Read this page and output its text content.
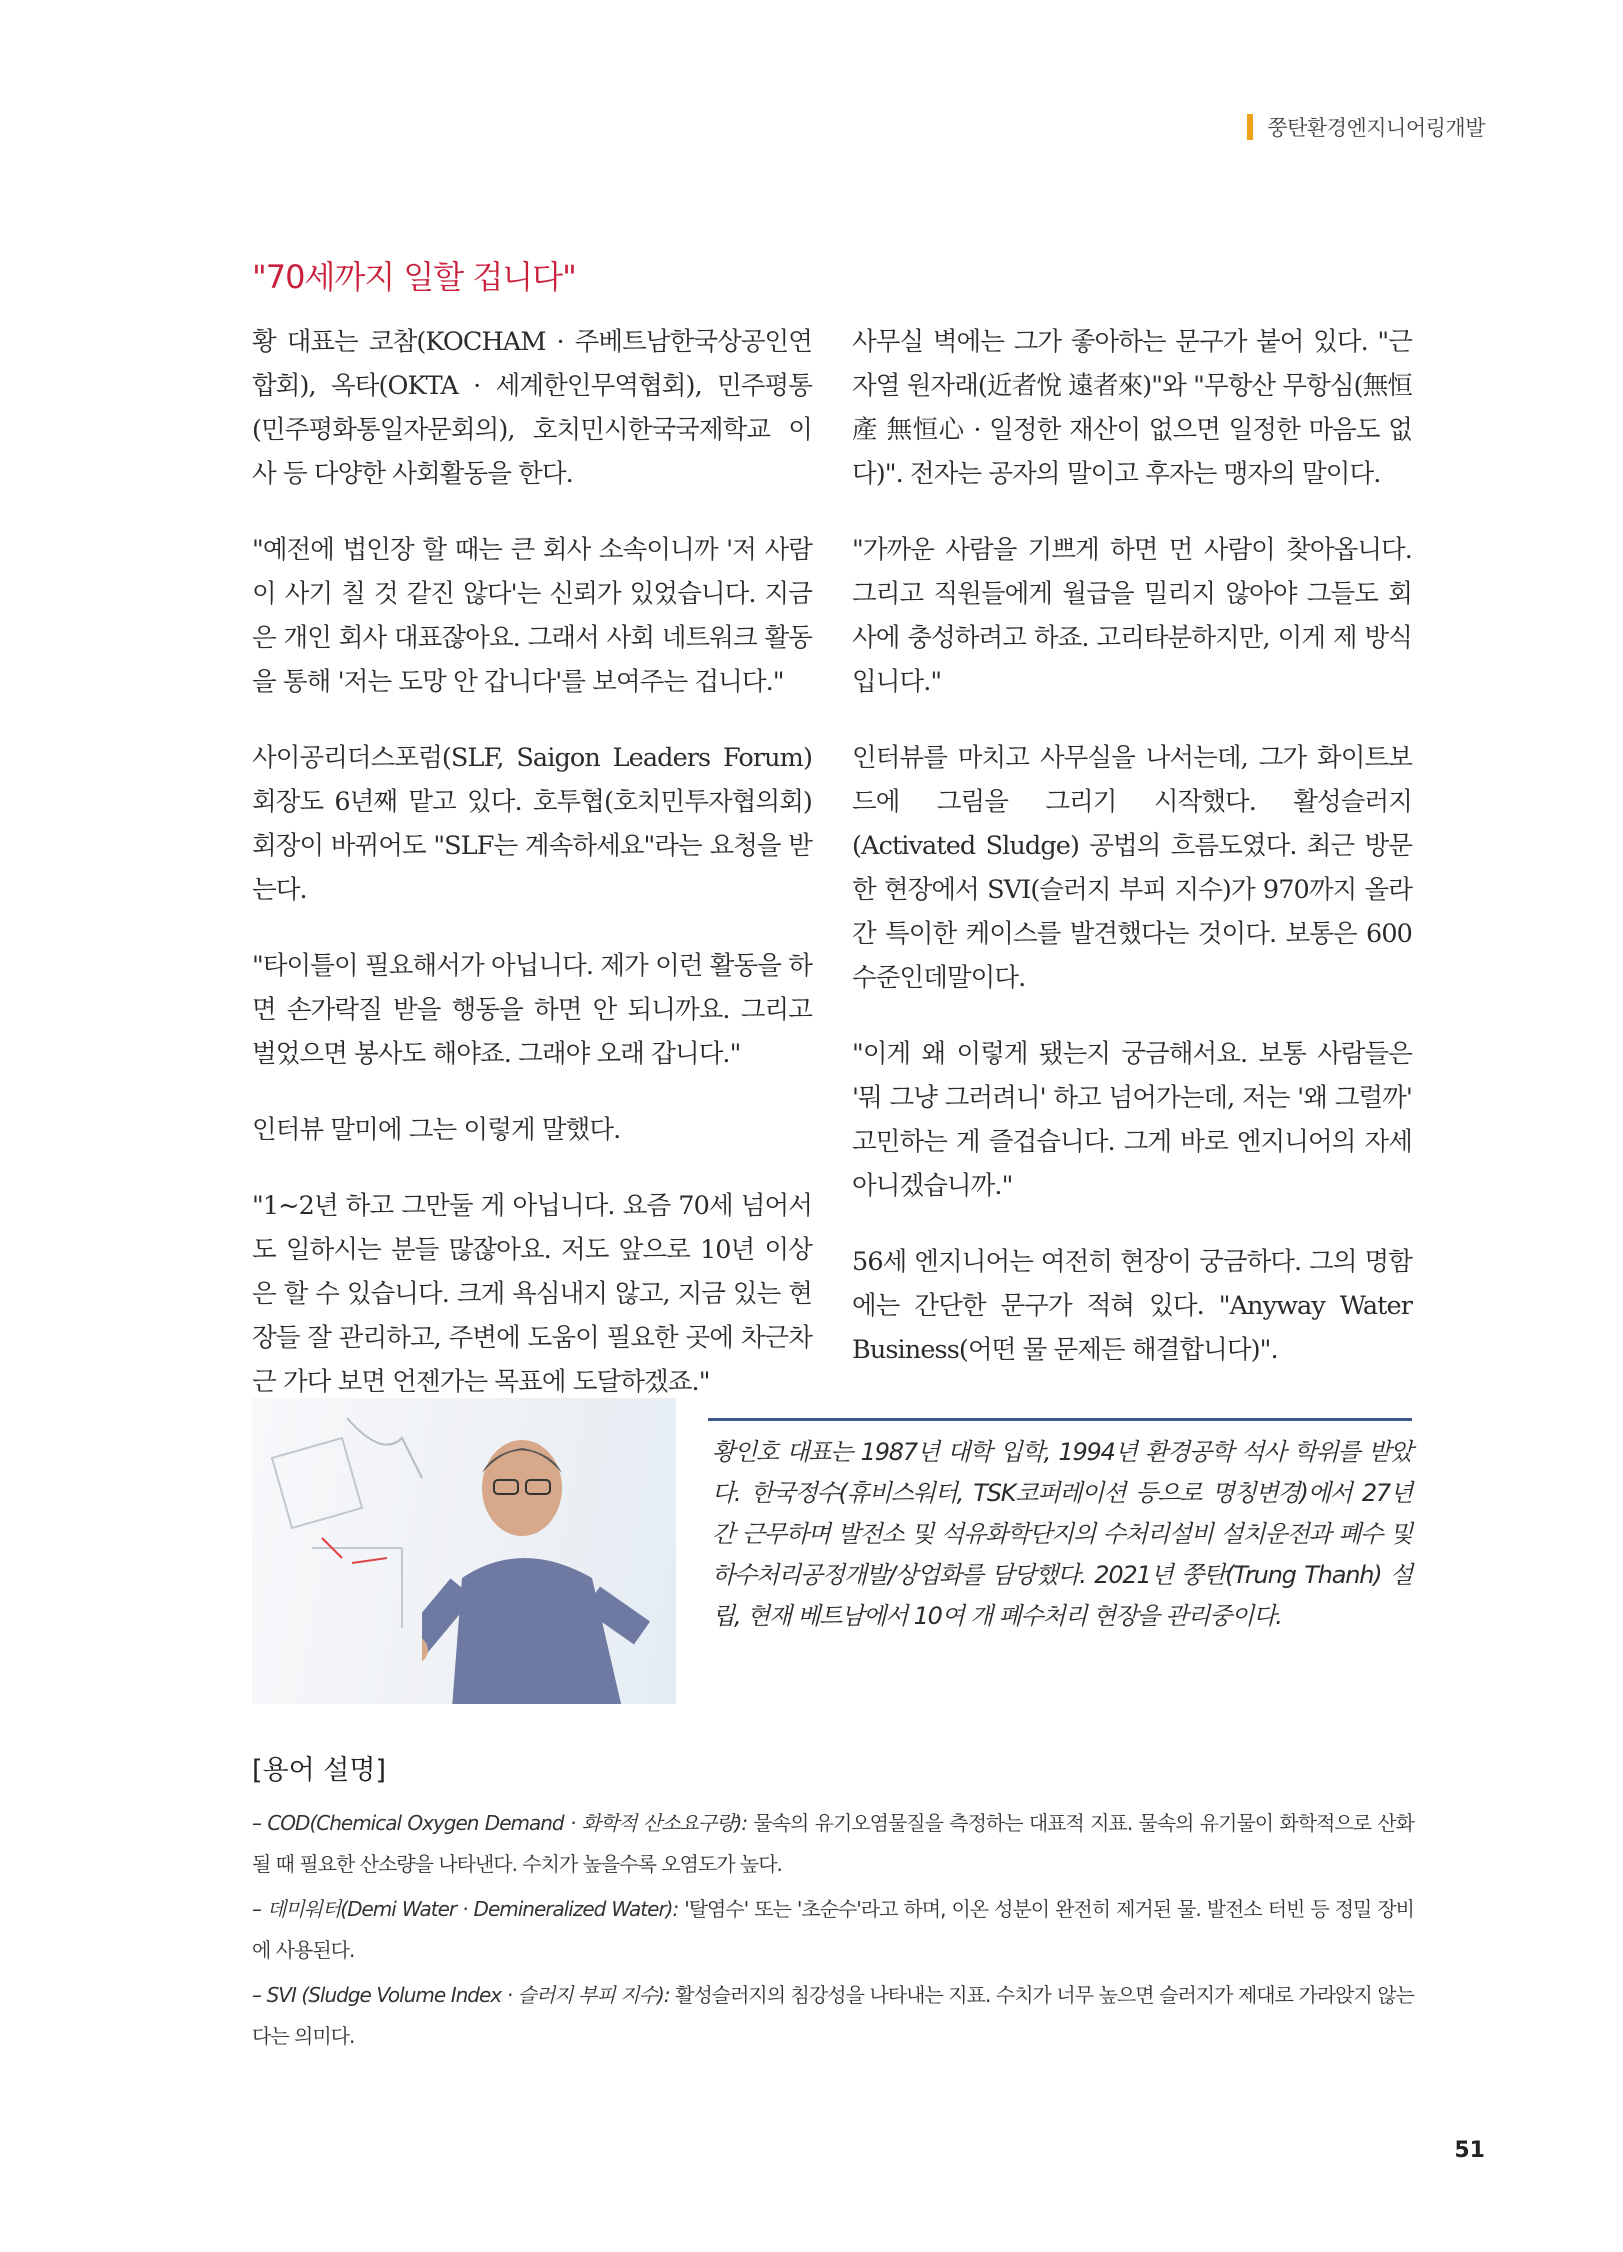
쭝탄환경엔지니어링개발
"70세까지 일할 겁니다"

황 대표는 코참(KOCHAM · 주베트남한국상공인연합회), 옥타(OKTA · 세계한인무역협회), 민주평통(민주평화통일자문회의), 호치민시한국국제학교 이사 등 다양한 사회활동을 한다.

"예전에 법인장 할 때는 큰 회사 소속이니까 '저 사람이 사기 칠 것 같진 않다'는 신뢰가 있었습니다. 지금은 개인 회사 대표잖아요. 그래서 사회 네트워크 활동을 통해 '저는 도망 안 갑니다'를 보여주는 겁니다."

사이공리더스포럼(SLF, Saigon Leaders Forum) 회장도 6년째 맡고 있다. 호투협(호치민투자협의회) 회장이 바뀌어도 "SLF는 계속하세요"라는 요청을 받는다.

"타이틀이 필요해서가 아닙니다. 제가 이런 활동을 하면 손가락질 받을 행동을 하면 안 되니까요. 그리고 벌었으면 봉사도 해야죠. 그래야 오래 갑니다."

인터뷰 말미에 그는 이렇게 말했다.

"1~2년 하고 그만둘 게 아닙니다. 요즘 70세 넘어서도 일하시는 분들 많잖아요. 저도 앞으로 10년 이상은 할 수 있습니다. 크게 욕심내지 않고, 지금 있는 현장들 잘 관리하고, 주변에 도움이 필요한 곳에 차근차근 가다 보면 언젠가는 목표에 도달하겠죠."

사무실 벽에는 그가 좋아하는 문구가 붙어 있다. "근자열 원자래(近者悅 遠者來)"와 "무항산 무항심(無恒產 無恒心 · 일정한 재산이 없으면 일정한 마음도 없다)". 전자는 공자의 말이고 후자는 맹자의 말이다.

"가까운 사람을 기쁘게 하면 먼 사람이 찾아옵니다. 그리고 직원들에게 월급을 밀리지 않아야 그들도 회사에 충성하려고 하죠. 고리타분하지만, 이게 제 방식입니다."

인터뷰를 마치고 사무실을 나서는데, 그가 화이트보드에 그림을 그리기 시작했다. 활성슬러지(Activated Sludge) 공법의 흐름도였다. 최근 방문한 현장에서 SVI(슬러지 부피 지수)가 970까지 올라간 특이한 케이스를 발견했다는 것이다. 보통은 600 수준인데말이다.

"이게 왜 이렇게 됐는지 궁금해서요. 보통 사람들은 '뭐 그냥 그러려니' 하고 넘어가는데, 저는 '왜 그럴까' 고민하는 게 즐겁습니다. 그게 바로 엔지니어의 자세 아니겠습니까."

56세 엔지니어는 여전히 현장이 궁금하다. 그의 명함에는 간단한 문구가 적혀 있다. "Anyway Water Business(어떤 물 문제든 해결합니다)".

황인호 대표는 1987년 대학 입학, 1994년 환경공학 석사 학위를 받았다. 한국정수(휴비스워터, TSK코퍼레이션 등으로 명칭변경)에서 27년간 근무하며 발전소 및 석유화학단지의 수처리설비 설치운전과 폐수 및 하수처리공정개발/상업화를 담당했다. 2021년 쭝탄(Trung Thanh) 설립, 현재 베트남에서 10여 개 폐수처리 현장을 관리중이다.
[용어 설명]

– COD(Chemical Oxygen Demand · 화학적 산소요구량): 물속의 유기오염물질을 측정하는 대표적 지표. 물속의 유기물이 화학적으로 산화될 때 필요한 산소량을 나타낸다. 수치가 높을수록 오염도가 높다.

– 데미워터(Demi Water · Demineralized Water): '탈염수' 또는 '초순수'라고 하며, 이온 성분이 완전히 제거된 물. 발전소 터빈 등 정밀 장비에 사용된다.

– SVI (Sludge Volume Index · 슬러지 부피 지수): 활성슬러지의 침강성을 나타내는 지표. 수치가 너무 높으면 슬러지가 제대로 가라앉지 않는다는 의미다.

51
